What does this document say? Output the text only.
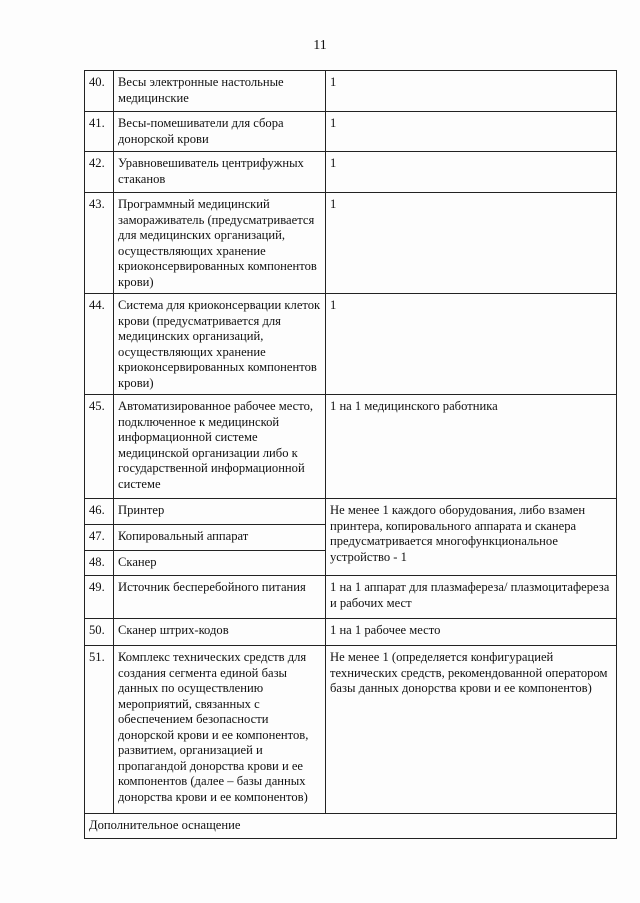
11
40.	Весы электронные настольные медицинские	1
41.	Весы-помешиватели для сбора донорской крови	1
42.	Уравновешиватель центрифужных стаканов	1
43.	Программный медицинский замораживатель (предусматривается для медицинских организаций, осуществляющих хранение криоконсервированных компонентов крови)	1
44.	Система для криоконсервации клеток крови (предусматривается для медицинских организаций, осуществляющих хранение криоконсервированных компонентов крови)	1
45.	Автоматизированное рабочее место, подключенное к медицинской информационной системе медицинской организации либо к государственной информационной системе	1 на 1 медицинского работника
46.	Принтер	Не менее 1 каждого оборудования, либо взамен принтера, копировального аппарата и сканера предусматривается многофункциональное устройство - 1
47.	Копировальный аппарат	
48.	Сканер	
49.	Источник бесперебойного питания	1 на 1 аппарат для плазмафереза/ плазмоцитафереза и рабочих мест
50.	Сканер штрих-кодов	1 на 1 рабочее место
51.	Комплекс технических средств для создания сегмента единой базы данных по осуществлению мероприятий, связанных с обеспечением безопасности донорской крови и ее компонентов, развитием, организацией и пропагандой донорства крови и ее компонентов (далее – базы данных донорства крови и ее компонентов)	Не менее 1 (определяется конфигурацией технических средств, рекомендованной оператором базы данных донорства крови и ее компонентов)
Дополнительное оснащение		
